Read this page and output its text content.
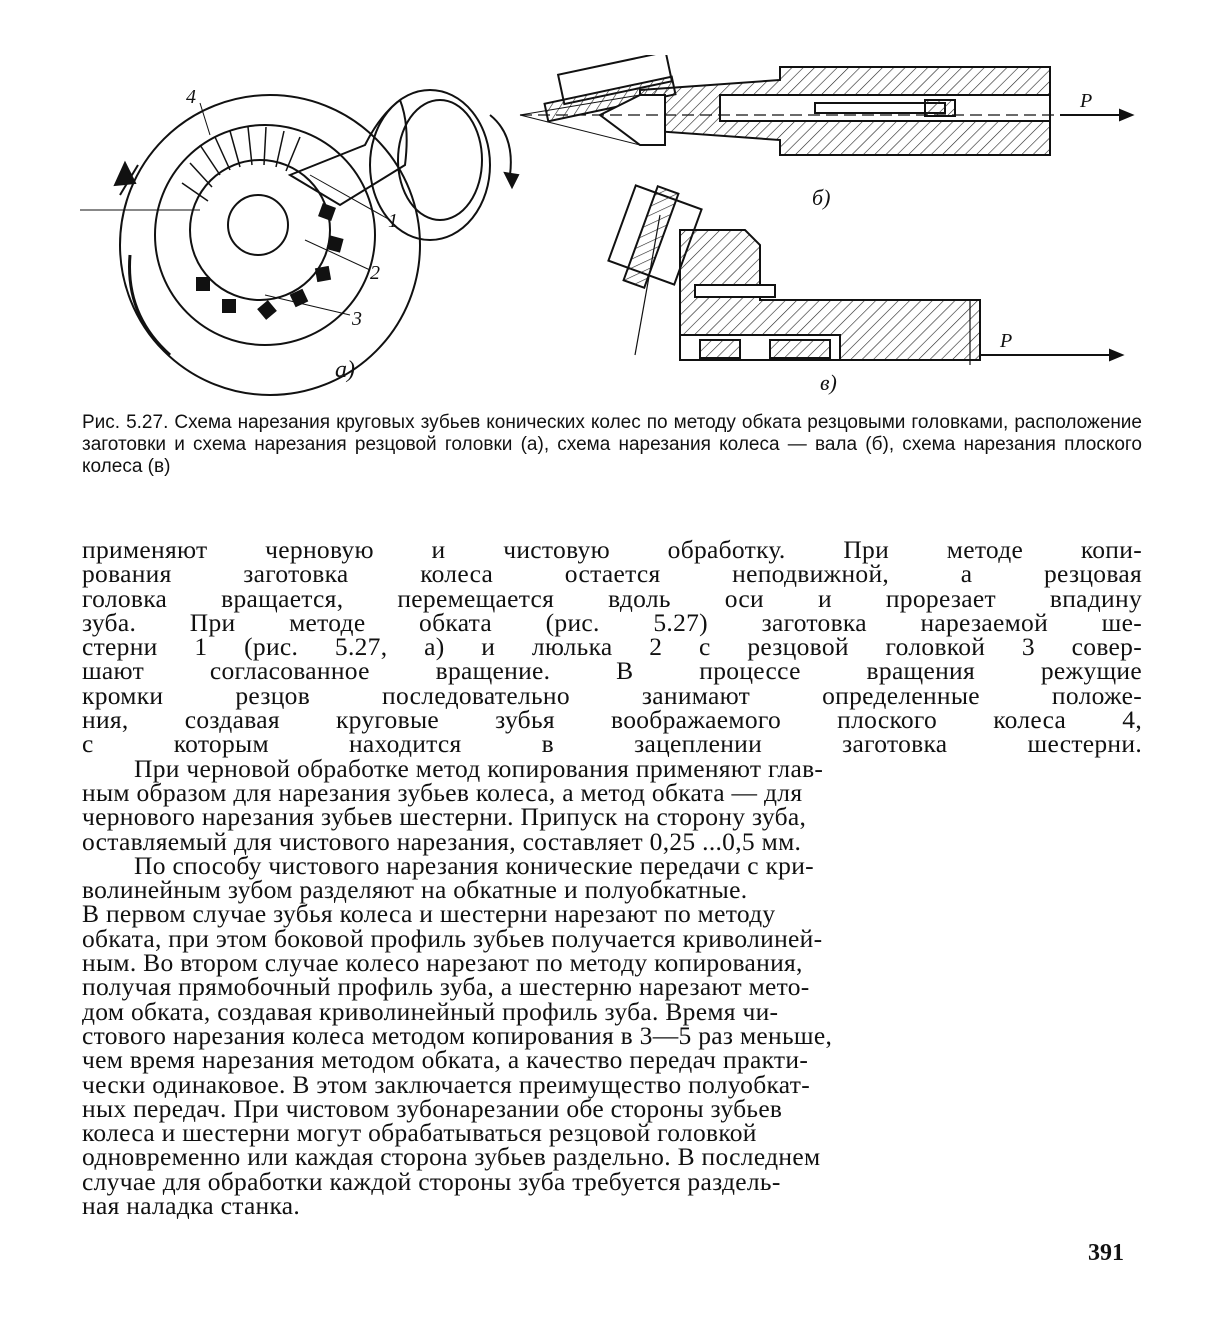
4
1
2
3
а)
P
б)
P
в)

Рис. 5.27. Схема нарезания круговых зубьев конических колес по методу обката резцовыми головками, расположение заготовки и схема нарезания резцовой головки (а), схема нарезания колеса — вала (б), схема нарезания плоского колеса (в)

применяют черновую и чистовую обработку. При методе копи-
рования заготовка колеса остается неподвижной, а резцовая
головка вращается, перемещается вдоль оси и прорезает впадину
зуба. При методе обката (рис. 5.27) заготовка нарезаемой ше-
стерни 1 (рис. 5.27, а) и люлька 2 с резцовой головкой 3 совер-
шают согласованное вращение. В процессе вращения режущие
кромки резцов последовательно занимают определенные положе-
ния, создавая круговые зубья воображаемого плоского колеса 4,
с которым находится в зацеплении заготовка шестерни.

При черновой обработке метод копирования применяют глав-
ным образом для нарезания зубьев колеса, а метод обката — для
чернового нарезания зубьев шестерни. Припуск на сторону зуба,
оставляемый для чистового нарезания, составляет 0,25 ...0,5 мм.

По способу чистового нарезания конические передачи с кри-
волинейным зубом разделяют на обкатные и полуобкатные.
В первом случае зубья колеса и шестерни нарезают по методу
обката, при этом боковой профиль зубьев получается криволиней-
ным. Во втором случае колесо нарезают по методу копирования,
получая прямобочный профиль зуба, а шестерню нарезают мето-
дом обката, создавая криволинейный профиль зуба. Время чи-
стового нарезания колеса методом копирования в 3—5 раз меньше,
чем время нарезания методом обката, а качество передач практи-
чески одинаковое. В этом заключается преимущество полуобкат-
ных передач. При чистовом зубонарезании обе стороны зубьев
колеса и шестерни могут обрабатываться резцовой головкой
одновременно или каждая сторона зубьев раздельно. В последнем
случае для обработки каждой стороны зуба требуется раздель-
ная наладка станка.

391
